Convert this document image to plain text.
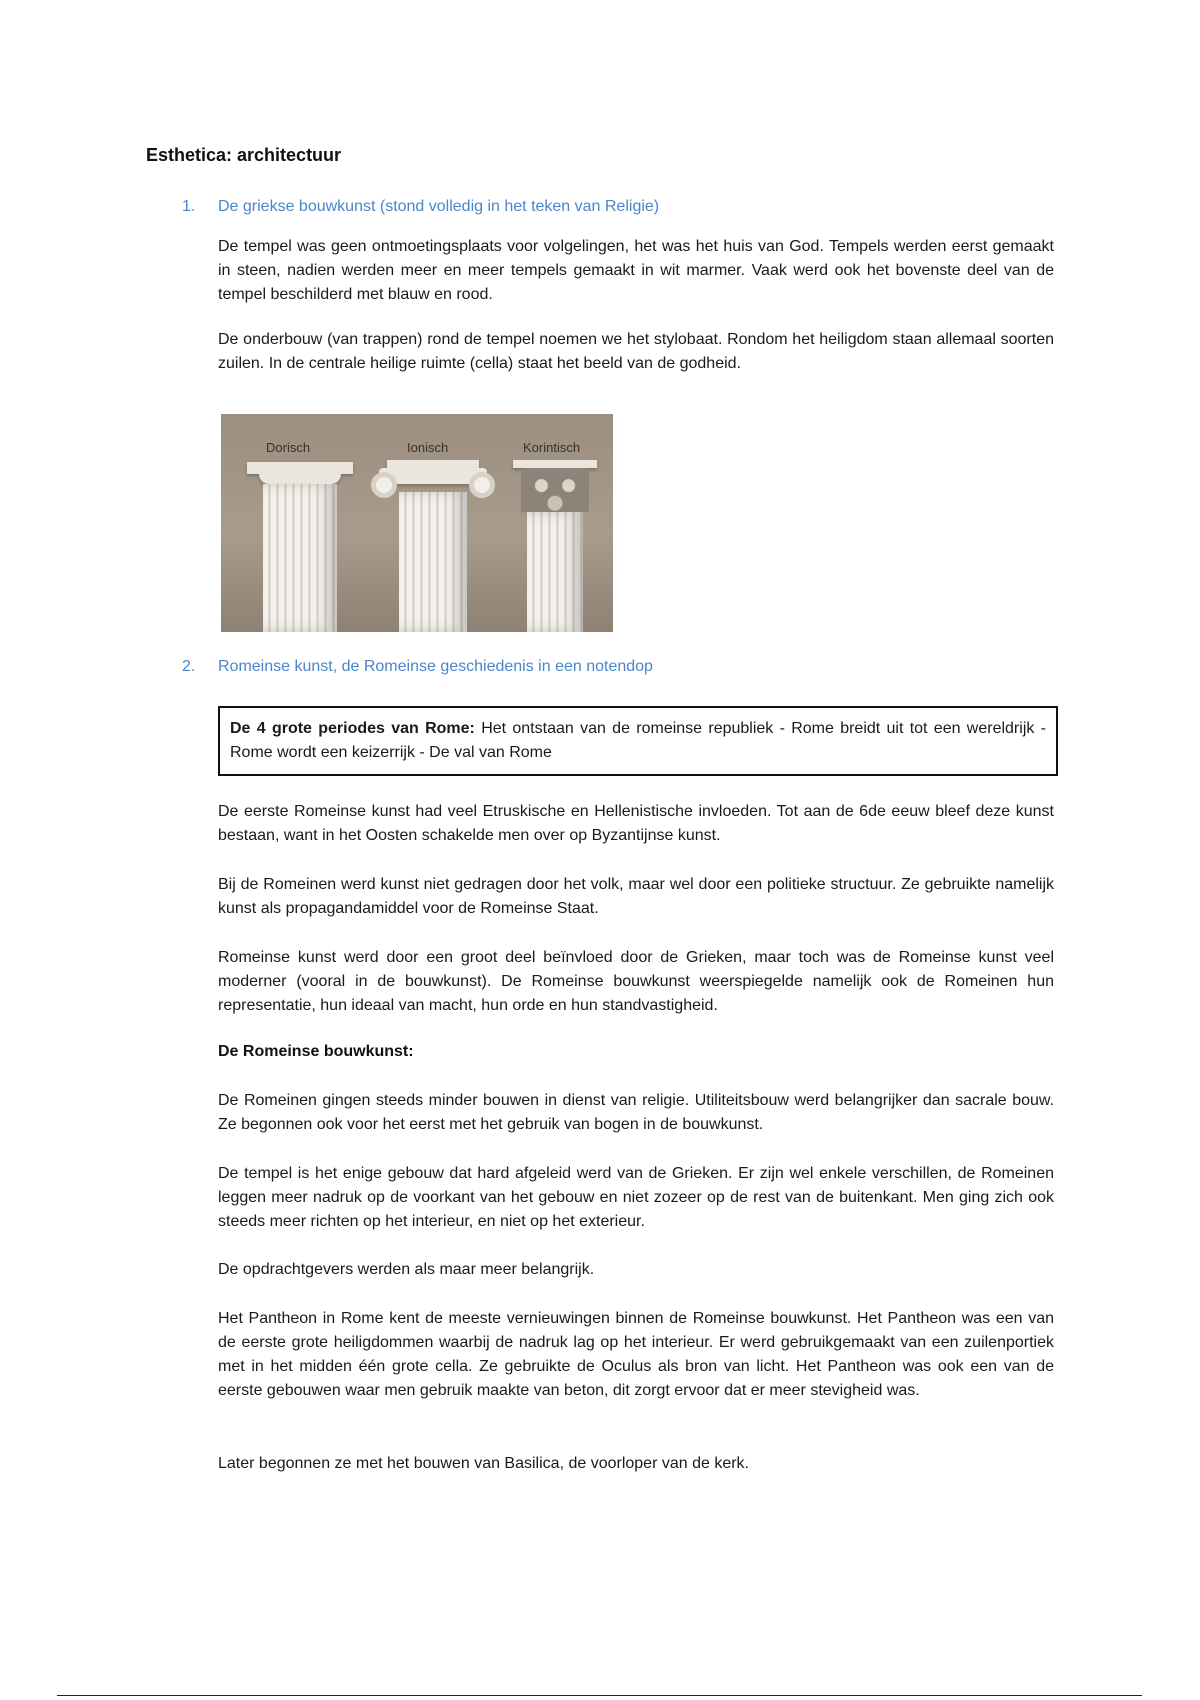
Esthetica: architectuur
1. De griekse bouwkunst (stond volledig in het teken van Religie)

De tempel was geen ontmoetingsplaats voor volgelingen, het was het huis van God. Tempels werden eerst gemaakt in steen, nadien werden meer en meer tempels gemaakt in wit marmer. Vaak werd ook het bovenste deel van de tempel beschilderd met blauw en rood.

De onderbouw (van trappen) rond de tempel noemen we het stylobaat. Rondom het heiligdom staan allemaal soorten zuilen. In de centrale heilige ruimte (cella) staat het beeld van de godheid.

Dorisch	Ionisch	Korintisch
2. Romeinse kunst, de Romeinse geschiedenis in een notendop
De 4 grote periodes van Rome: Het ontstaan van de romeinse republiek - Rome breidt uit tot een wereldrijk - Rome wordt een keizerrijk - De val van Rome

De eerste Romeinse kunst had veel Etruskische en Hellenistische invloeden. Tot aan de 6de eeuw bleef deze kunst bestaan, want in het Oosten schakelde men over op Byzantijnse kunst.

Bij de Romeinen werd kunst niet gedragen door het volk, maar wel door een politieke structuur. Ze gebruikte namelijk kunst als propagandamiddel voor de Romeinse Staat.

Romeinse kunst werd door een groot deel beïnvloed door de Grieken, maar toch was de Romeinse kunst veel moderner (vooral in de bouwkunst). De Romeinse bouwkunst weerspiegelde namelijk ook de Romeinen hun representatie, hun ideaal van macht, hun orde en hun standvastigheid.

De Romeinse bouwkunst:

De Romeinen gingen steeds minder bouwen in dienst van religie. Utiliteitsbouw werd belangrijker dan sacrale bouw. Ze begonnen ook voor het eerst met het gebruik van bogen in de bouwkunst.

De tempel is het enige gebouw dat hard afgeleid werd van de Grieken. Er zijn wel enkele verschillen, de Romeinen leggen meer nadruk op de voorkant van het gebouw en niet zozeer op de rest van de buitenkant. Men ging zich ook steeds meer richten op het interieur, en niet op het exterieur.

De opdrachtgevers werden als maar meer belangrijk.

Het Pantheon in Rome kent de meeste vernieuwingen binnen de Romeinse bouwkunst. Het Pantheon was een van de eerste grote heiligdommen waarbij de nadruk lag op het interieur. Er werd gebruikgemaakt van een zuilenportiek met in het midden één grote cella. Ze gebruikte de Oculus als bron van licht. Het Pantheon was ook een van de eerste gebouwen waar men gebruik maakte van beton, dit zorgt ervoor dat er meer stevigheid was.

Later begonnen ze met het bouwen van Basilica, de voorloper van de kerk.
